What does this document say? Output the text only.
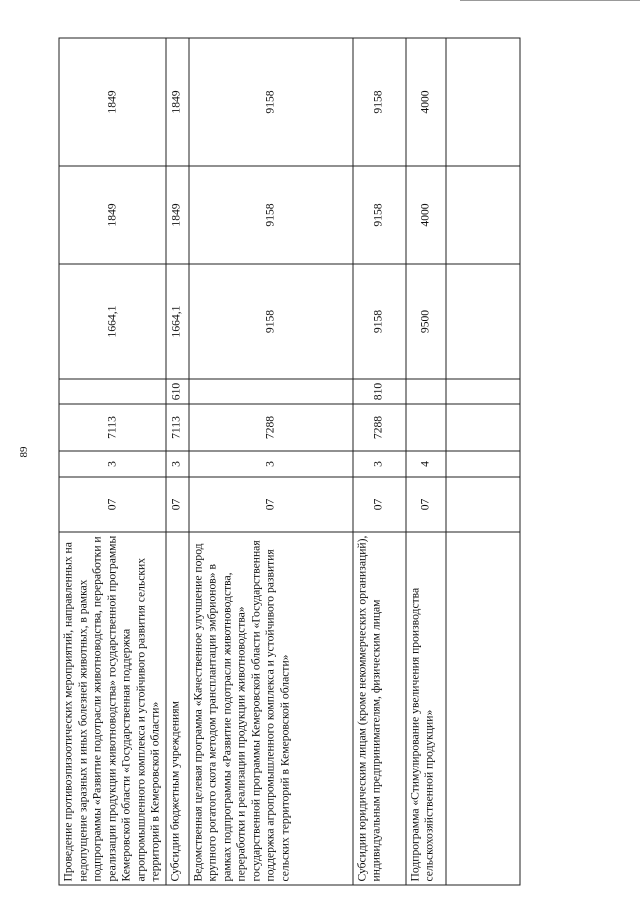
89
Проведение противоэпизоотических мероприятий, направленных на недопущение заразных и иных болезней животных, в рамках подпрограммы «Развитие подотрасли животноводства, переработки и реализации продукции животноводства» государственной программы Кемеровской области «Государственная поддержка агропромышленного комплекса и устойчивого развития сельских территорий в Кемеровской области»	07	3	7113		1664,1	1849	1849
Субсидии бюджетным учреждениям	07	3	7113	610	1664,1	1849	1849
Ведомственная целевая программа «Качественное улучшение пород крупного рогатого скота методом трансплантации эмбрионов» в рамках подпрограммы «Развитие подотрасли животноводства, переработки и реализации продукции животноводства» государственной программы Кемеровской области «Государственная поддержка агропромышленного комплекса и устойчивого развития сельских территорий в Кемеровской области»	07	3	7288		9158	9158	9158
Субсидии юридическим лицам (кроме некоммерческих организаций), индивидуальным предпринимателям, физическим лицам	07	3	7288	810	9158	9158	9158
Подпрограмма «Стимулирование увеличения производства сельскохозяйственной продукции»	07	4			9500	4000	4000
